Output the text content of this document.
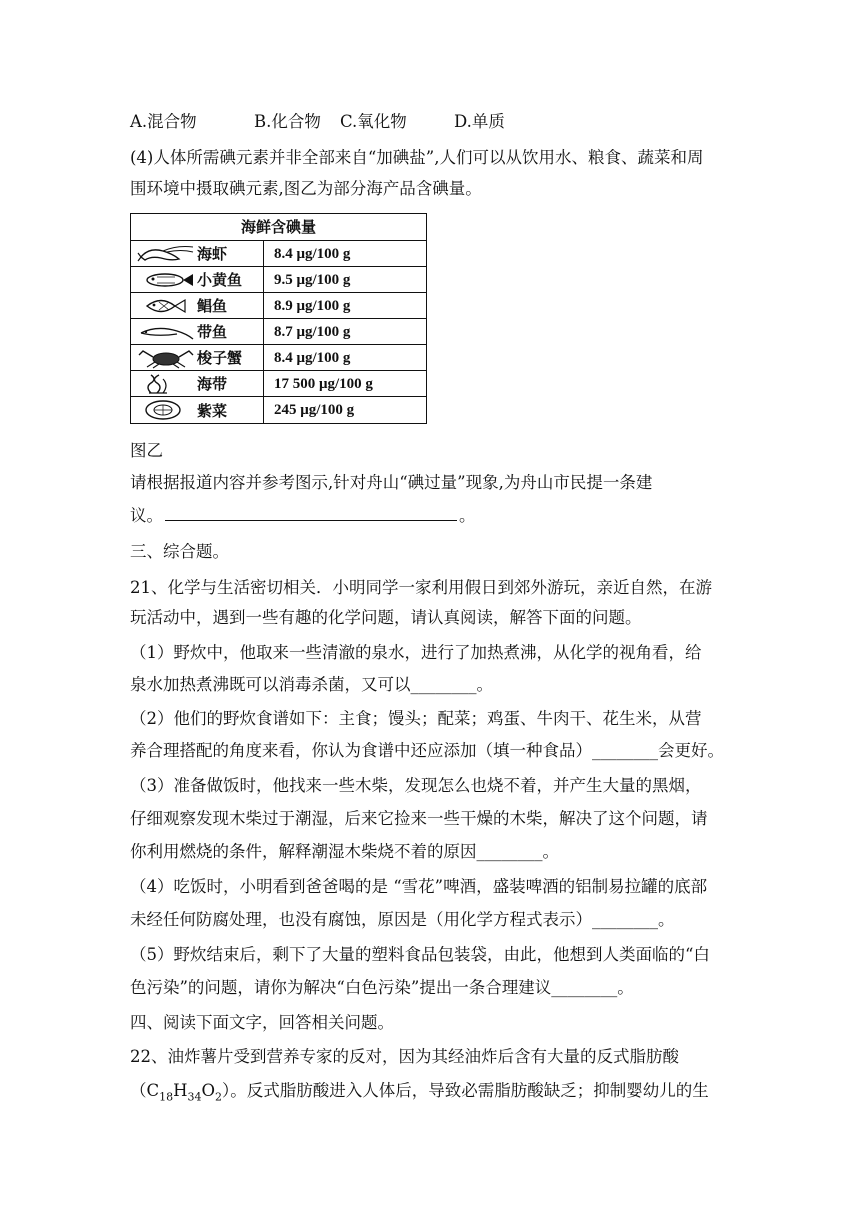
A.混合物	B.化合物 C.氧化物	D.单质
(4)人体所需碘元素并非全部来自“加碘盐”,人们可以从饮用水、粮食、蔬菜和周
围环境中摄取碘元素,图乙为部分海产品含碘量。
海鲜含碘量
海虾	8.4 μg/100 g
小黄鱼	9.5 μg/100 g
鲳鱼	8.9 μg/100 g
带鱼	8.7 μg/100 g
梭子蟹	8.4 μg/100 g
海带	17 500 μg/100 g
紫菜	245 μg/100 g
图乙
请根据报道内容并参考图示,针对舟山“碘过量”现象,为舟山市民提一条建
议。	。
三、综合题。
21、化学与生活密切相关．小明同学一家利用假日到郊外游玩，亲近自然，在游
玩活动中，遇到一些有趣的化学问题，请认真阅读，解答下面的问题。
（1）野炊中，他取来一些清澈的泉水，进行了加热煮沸，从化学的视角看，给
泉水加热煮沸既可以消毒杀菌，又可以________。
（2）他们的野炊食谱如下：主食；馒头；配菜；鸡蛋、牛肉干、花生米，从营
养合理搭配的角度来看，你认为食谱中还应添加（填一种食品）________会更好。
（3）准备做饭时，他找来一些木柴，发现怎么也烧不着，并产生大量的黑烟，
仔细观察发现木柴过于潮湿，后来它捡来一些干燥的木柴，解决了这个问题，请
你利用燃烧的条件，解释潮湿木柴烧不着的原因________。
（4）吃饭时，小明看到爸爸喝的是 “雪花”啤酒，盛装啤酒的铝制易拉罐的底部
未经任何防腐处理，也没有腐蚀，原因是（用化学方程式表示）________。
（5）野炊结束后，剩下了大量的塑料食品包装袋，由此，他想到人类面临的“白
色污染”的问题，请你为解决“白色污染”提出一条合理建议________。
四、阅读下面文字，回答相关问题。
22、油炸薯片受到营养专家的反对，因为其经油炸后含有大量的反式脂肪酸
$(C_{18}H_{34}O_2)$。反式脂肪酸进入人体后，导致必需脂肪酸缺乏；抑制婴幼儿的生
